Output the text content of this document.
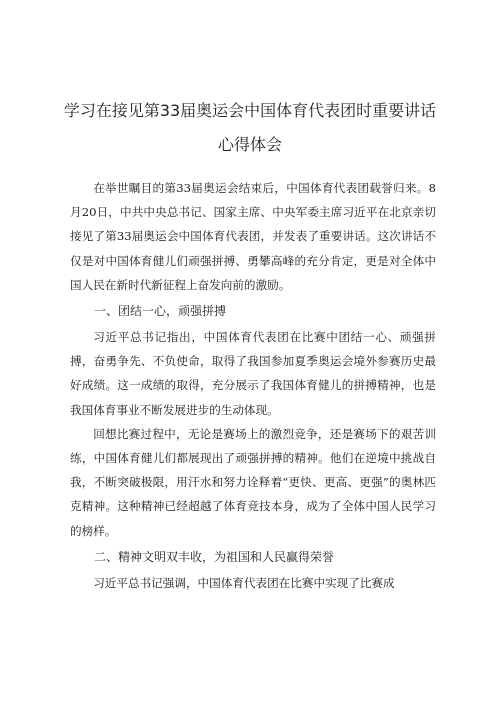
学习在接见第33届奥运会中国体育代表团时重要讲话心得体会

在举世瞩目的第33届奥运会结束后，中国体育代表团载誉归来。8月20日，中共中央总书记、国家主席、中央军委主席习近平在北京亲切接见了第33届奥运会中国体育代表团，并发表了重要讲话。这次讲话不仅是对中国体育健儿们顽强拼搏、勇攀高峰的充分肯定，更是对全体中国人民在新时代新征程上奋发向前的激励。

一、团结一心，顽强拼搏

习近平总书记指出，中国体育代表团在比赛中团结一心、顽强拼搏，奋勇争先、不负使命，取得了我国参加夏季奥运会境外参赛历史最好成绩。这一成绩的取得，充分展示了我国体育健儿的拼搏精神，也是我国体育事业不断发展进步的生动体现。

回想比赛过程中，无论是赛场上的激烈竞争，还是赛场下的艰苦训练，中国体育健儿们都展现出了顽强拼搏的精神。他们在逆境中挑战自我，不断突破极限，用汗水和努力诠释着“更快、更高、更强”的奥林匹克精神。这种精神已经超越了体育竞技本身，成为了全体中国人民学习的榜样。

二、精神文明双丰收，为祖国和人民赢得荣誉

习近平总书记强调，中国体育代表团在比赛中实现了比赛成
